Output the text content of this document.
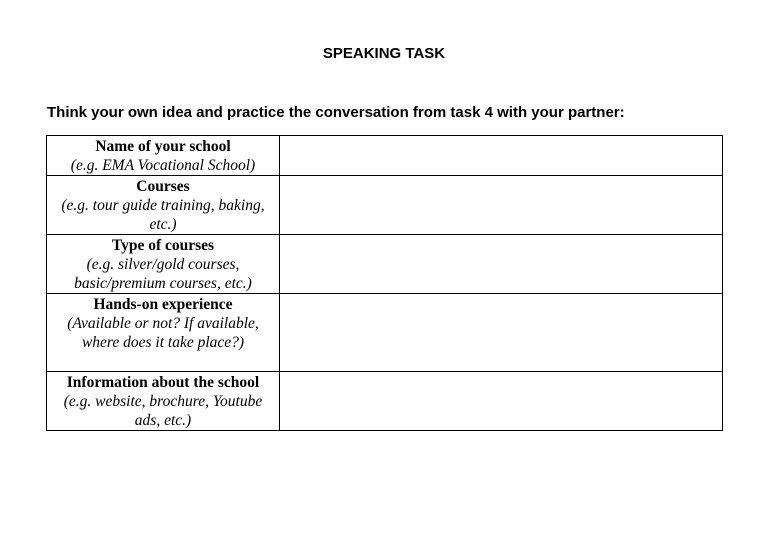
SPEAKING TASK
Think your own idea and practice the conversation from task 4 with your partner:
Name of your school
(e.g. EMA Vocational School)	

Courses
(e.g. tour guide training, baking, etc.)	

Type of courses
(e.g. silver/gold courses, basic/premium courses, etc.)	

Hands-on experience
(Available or not? If available, where does it take place?)	

Information about the school
(e.g. website, brochure, Youtube ads, etc.)	
